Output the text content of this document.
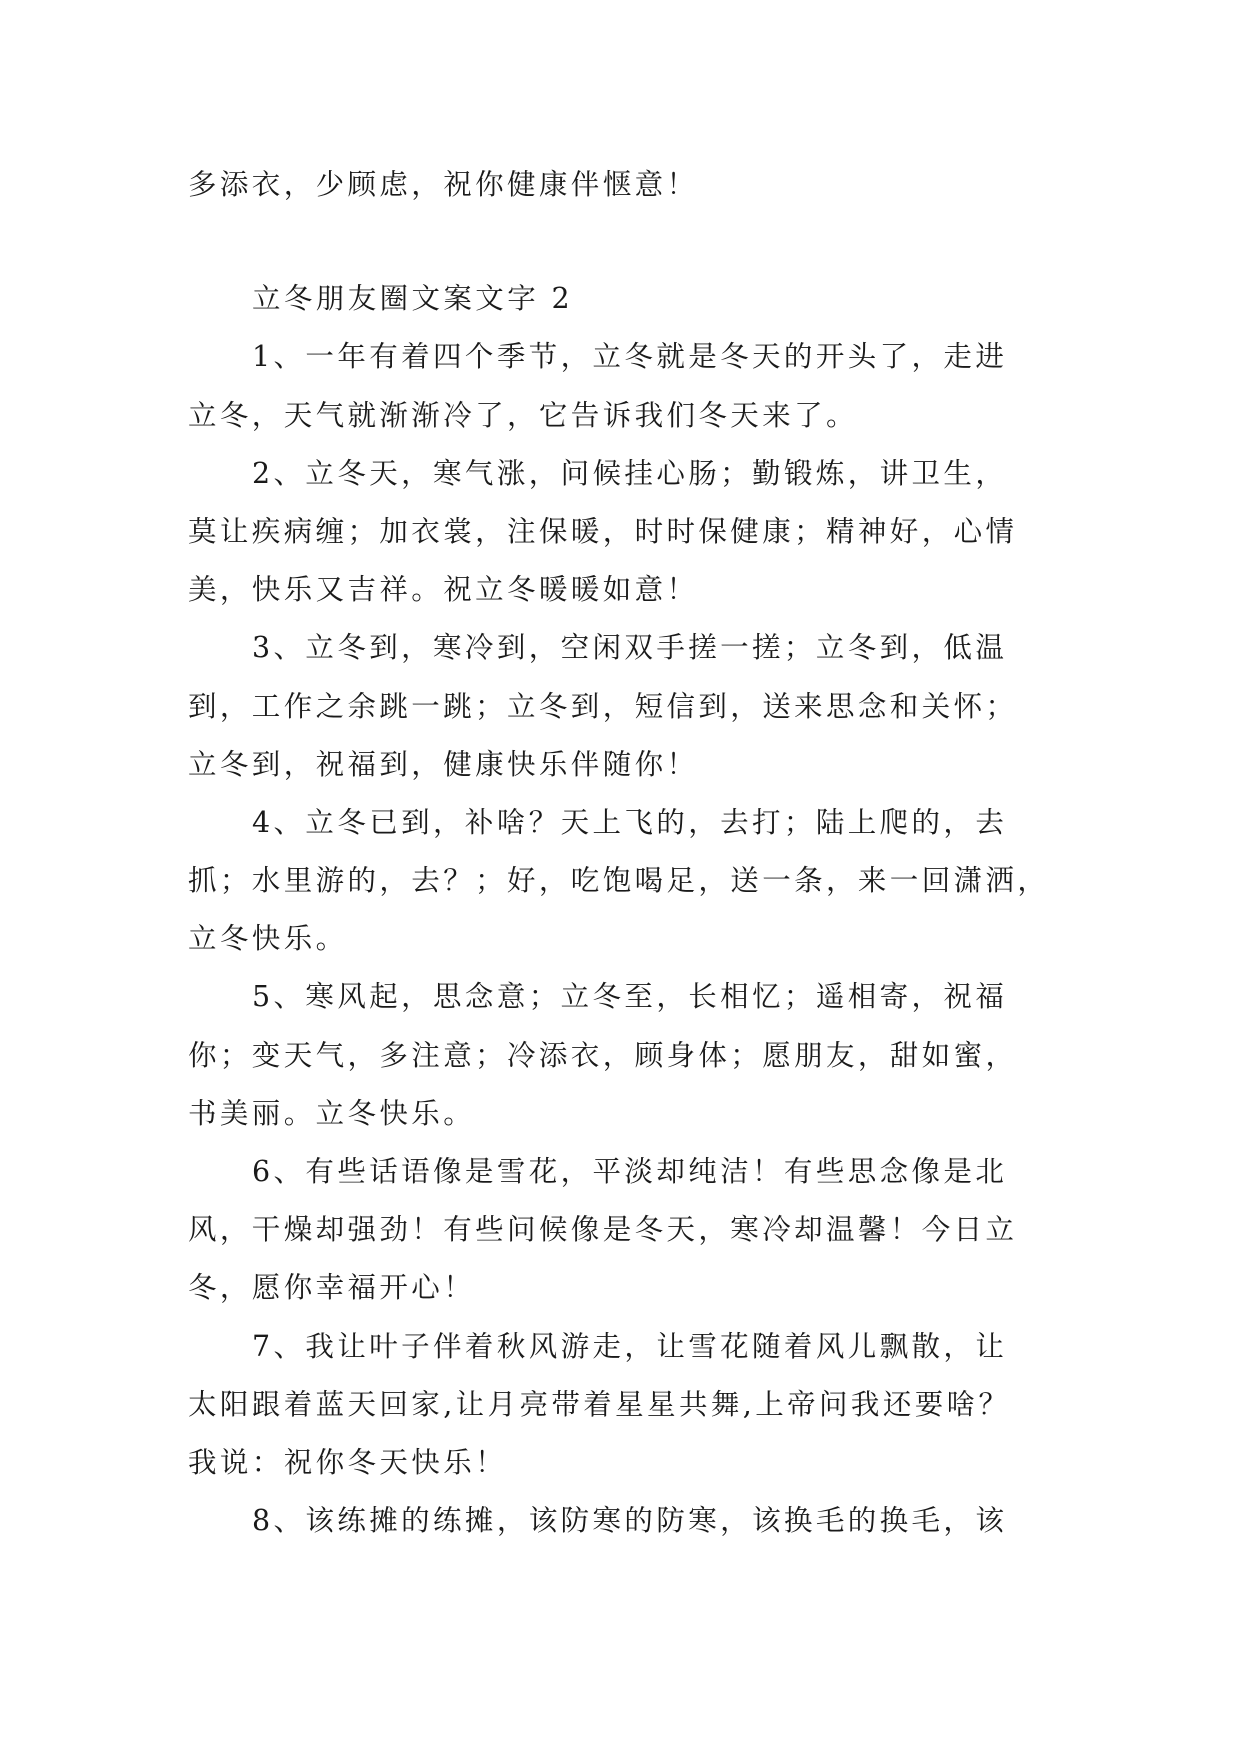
多添衣，少顾虑，祝你健康伴惬意！
立冬朋友圈文案文字 2
1、一年有着四个季节，立冬就是冬天的开头了，走进
立冬，天气就渐渐冷了，它告诉我们冬天来了。
2、立冬天，寒气涨，问候挂心肠；勤锻炼，讲卫生，
莫让疾病缠；加衣裳，注保暖，时时保健康；精神好，心情
美，快乐又吉祥。祝立冬暖暖如意！
3、立冬到，寒冷到，空闲双手搓一搓；立冬到，低温
到，工作之余跳一跳；立冬到，短信到，送来思念和关怀；
立冬到，祝福到，健康快乐伴随你！
4、立冬已到，补啥？天上飞的，去打；陆上爬的，去
抓；水里游的，去？；好，吃饱喝足，送一条，来一回潇洒，
立冬快乐。
5、寒风起，思念意；立冬至，长相忆；遥相寄，祝福
你；变天气，多注意；冷添衣，顾身体；愿朋友，甜如蜜，
书美丽。立冬快乐。
6、有些话语像是雪花，平淡却纯洁！有些思念像是北
风，干燥却强劲！有些问候像是冬天，寒冷却温馨！今日立
冬，愿你幸福开心！
7、我让叶子伴着秋风游走，让雪花随着风儿飘散，让
太阳跟着蓝天回家,让月亮带着星星共舞,上帝问我还要啥？
我说：祝你冬天快乐！
8、该练摊的练摊，该防寒的防寒，该换毛的换毛，该
